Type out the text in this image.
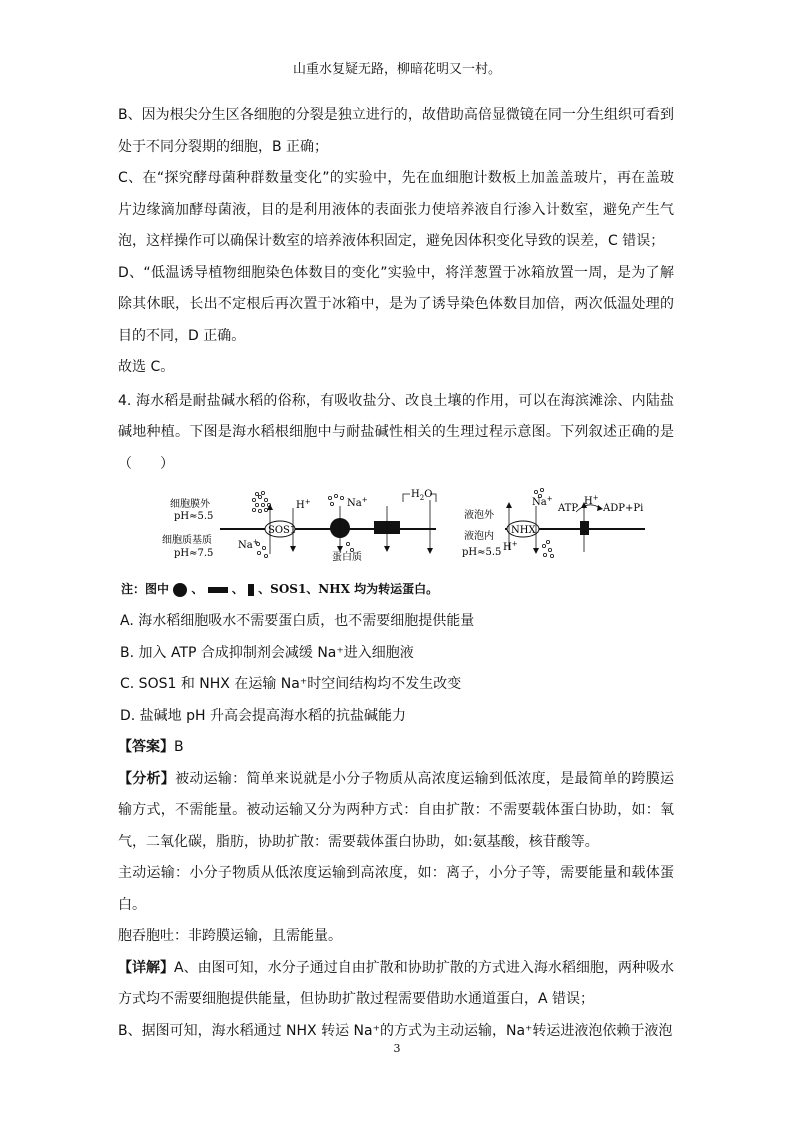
山重水复疑无路，柳暗花明又一村。

B、因为根尖分生区各细胞的分裂是独立进行的，故借助高倍显微镜在同一分生组织可看到处于不同分裂期的细胞，B 正确；

C、在“探究酵母菌种群数量变化”的实验中，先在血细胞计数板上加盖盖玻片，再在盖玻片边缘滴加酵母菌液，目的是利用液体的表面张力使培养液自行渗入计数室，避免产生气泡，这样操作可以确保计数室的培养液体积固定，避免因体积变化导致的误差，C 错误；

D、“低温诱导植物细胞染色体数目的变化”实验中，将洋葱置于冰箱放置一周，是为了解除其休眠，长出不定根后再次置于冰箱中，是为了诱导染色体数目加倍，两次低温处理的目的不同，D 正确。

故选 C。

4. 海水稻是耐盐碱水稻的俗称，有吸收盐分、改良土壤的作用，可以在海滨滩涂、内陆盐碱地种植。下图是海水稻根细胞中与耐盐碱性相关的生理过程示意图。下列叙述正确的是（　　）

细胞膜外
pH≈5.5
细胞质基质
pH≈7.5
SOS1
H+
Na+
Na+
蛋白质
$H_2O$
液泡外
液泡内
pH≈5.5
NHX
H+
Na+	H+
ATP ADP+Pi
注：图中 、 、 、SOS1、NHX 均为转运蛋白。

A. 海水稻细胞吸水不需要蛋白质，也不需要细胞提供能量

B. 加入 ATP 合成抑制剂会减缓 Na⁺进入细胞液

C. SOS1 和 NHX 在运输 Na⁺时空间结构均不发生改变

D. 盐碱地 pH 升高会提高海水稻的抗盐碱能力

【答案】B

【分析】被动运输：简单来说就是小分子物质从高浓度运输到低浓度，是最简单的跨膜运输方式，不需能量。被动运输又分为两种方式：自由扩散：不需要载体蛋白协助，如：氧气，二氧化碳，脂肪，协助扩散：需要载体蛋白协助，如:氨基酸，核苷酸等。

主动运输：小分子物质从低浓度运输到高浓度，如：离子，小分子等，需要能量和载体蛋白。

胞吞胞吐：非跨膜运输，且需能量。

【详解】A、由图可知，水分子通过自由扩散和协助扩散的方式进入海水稻细胞，两种吸水方式均不需要细胞提供能量，但协助扩散过程需要借助水通道蛋白，A 错误；

B、据图可知，海水稻通过 NHX 转运 Na⁺的方式为主动运输，Na⁺转运进液泡依赖于液泡

3
